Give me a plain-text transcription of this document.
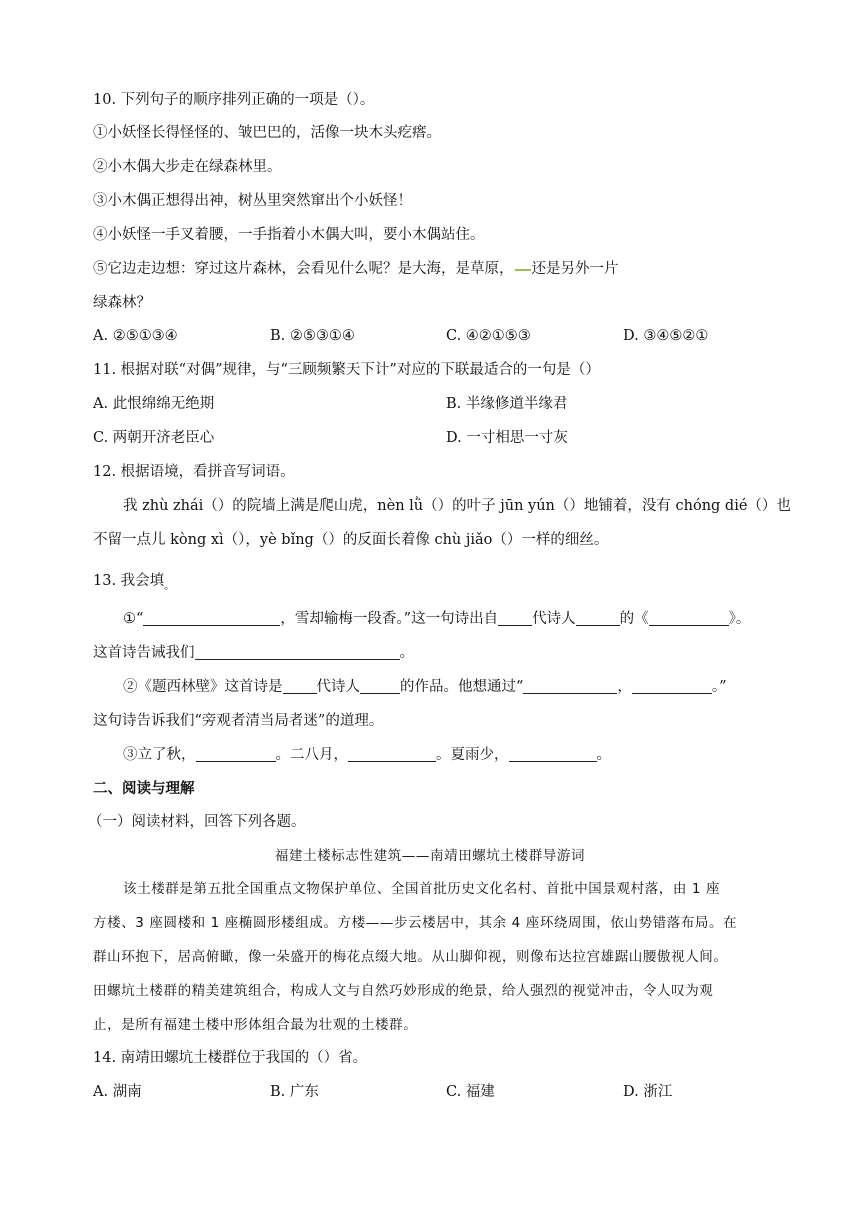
10. 下列句子的顺序排列正确的一项是（）。
①小妖怪长得怪怪的、皱巴巴的，活像一块木头疙瘩。
②小木偶大步走在绿森林里。
③小木偶正想得出神，树丛里突然窜出个小妖怪！
④小妖怪一手叉着腰，一手指着小木偶大叫，要小木偶站住。
⑤它边走边想：穿过这片森林，会看见什么呢？是大海，是草原， 还是另外一片
绿森林？
A. ②⑤①③④	B. ②⑤③①④	C. ④②①⑤③	D. ③④⑤②①
11. 根据对联“对偶”规律，与“三顾频繁天下计”对应的下联最适合的一句是（）
A. 此恨绵绵无绝期	B. 半缘修道半缘君
C. 两朝开济老臣心	D. 一寸相思一寸灰
12. 根据语境，看拼音写词语。
我 zhù zhái（）的院墙上满是爬山虎，nèn lǜ（）的叶子 jūn yún（）地铺着，没有 chóng dié（）也
不留一点儿 kòng xì（），yè bǐng（）的反面长着像 chù jiǎo（）一样的细丝。
13. 我会填$_。$
①“	，雪却输梅一段香。”这一句诗出自 代诗人	的《	》。
这首诗告诫我们	。
②《题西林壁》这首诗是 代诗人	的作品。他想通过“	，	。”
这句诗告诉我们“旁观者清当局者迷”的道理。
③立了秋，	。二八月，	。夏雨少，	。
二、阅读与理解
（一）阅读材料，回答下列各题。
福建土楼标志性建筑——南靖田螺坑土楼群导游词
该土楼群是第五批全国重点文物保护单位、全国首批历史文化名村、首批中国景观村落，由 1 座
方楼、3 座圆楼和 1 座椭圆形楼组成。方楼——步云楼居中，其余 4 座环绕周围，依山势错落布局。在
群山环抱下，居高俯瞰，像一朵盛开的梅花点缀大地。从山脚仰视，则像布达拉宫雄踞山腰傲视人间。
田螺坑土楼群的精美建筑组合，构成人文与自然巧妙形成的绝景，给人强烈的视觉冲击，令人叹为观
止，是所有福建土楼中形体组合最为壮观的土楼群。
14. 南靖田螺坑土楼群位于我国的（）省。
A. 湖南	B. 广东	C. 福建	D. 浙江
